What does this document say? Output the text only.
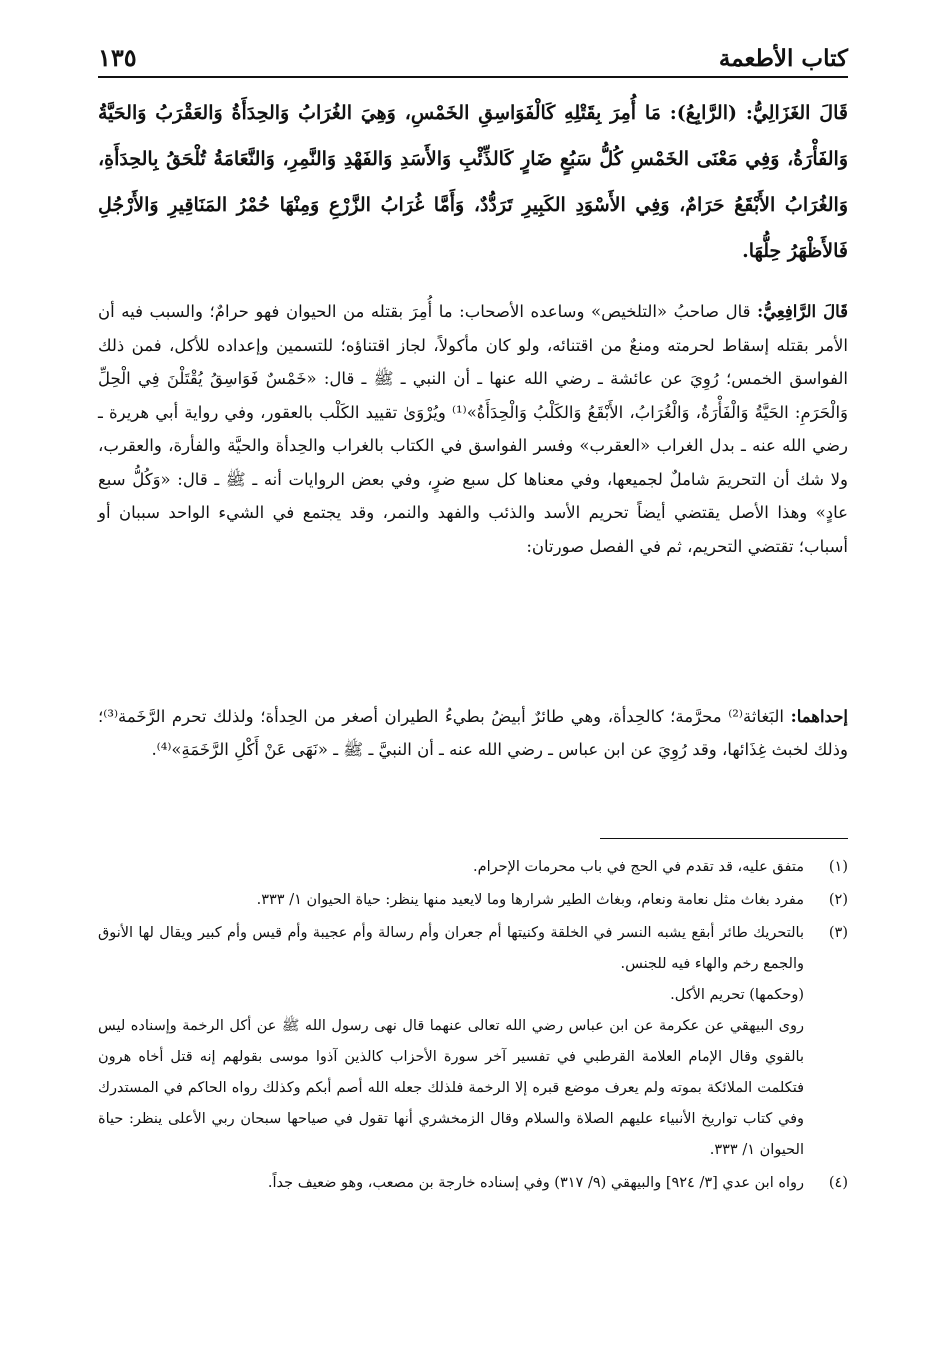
كتاب الأطعمة
١٣٥
قَالَ الغَزَالِيُّ: (الرَّابِعُ): مَا أُمِرَ بِقَتْلِهِ كَالْفَوَاسِقِ الخَمْسِ، وَهِيَ الغُرَابُ وَالحِدَأَةُ وَالعَقْرَبُ وَالحَيَّةُ وَالفَأْرَةُ، وَفِي مَعْنَى الخَمْسِ كُلُّ سَبُعٍ ضَارٍ كَالذِّئْبِ وَالأَسَدِ وَالفَهْدِ وَالنَّمِرِ، وَالنَّعَامَةُ تُلْحَقُ بِالحِدَأَةِ، وَالغُرَابُ الأَبْقَعُ حَرَامٌ، وَفِي الأَسْوَدِ الكَبِيرِ تَرَدُّدٌ، وَأَمَّا غُرَابُ الزَّرْعِ وَمِنْهَا حُمْرُ المَنَاقِيرِ وَالأَرْجُلِ فَالأَظْهَرُ حِلُّهَا.
قَالَ الرَّافِعِيُّ: قال صاحبُ «التلخيص» وساعده الأصحاب: ما أُمِرَ بقتله من الحيوان فهو حرامٌ؛ والسبب فيه أن الأمر بقتله إسقاط لحرمته ومنعٌ من اقتنائه، ولو كان مأكولاً، لجاز اقتناؤه؛ للتسمين وإعداده للأكل، فمن ذلك الفواسق الخمس؛ رُوِيَ عن عائشة ـ رضي الله عنها ـ أن النبي ـ ﷺ ـ قال: «خَمْسٌ فَوَاسِقُ يُقْتَلْنَ فِي الْحِلِّ وَالْحَرَمِ: الحَيَّةُ وَالْفَأْرَةُ، وَالْغُرَابُ، الأَبْقَعُ وَالكَلْبُ وَالْحِدَأَةُ»⁽¹⁾ ويُرْوَىٰ تقييد الكَلْب بالعقور، وفي رواية أبي هريرة ـ رضي الله عنه ـ بدل الغراب «العقرب» وفسر الفواسق في الكتاب بالغراب والحِدأة والحيَّة والفأرة، والعقرب، ولا شك أن التحريمَ شاملٌ لجميعها، وفي معناها كل سبع ضرٍ، وفي بعض الروايات أنه ـ ﷺ ـ قال: «وَكُلُّ سبع عادٍ» وهذا الأصل يقتضي أيضاً تحريم الأسد والذئب والفهد والنمر، وقد يجتمع في الشيء الواحد سببان أو أسباب؛ تقتضي التحريم، ثم في الفصل صورتان:
إحداهما: البَغاثة⁽²⁾ محرَّمة؛ كالحِدأة، وهي طائرٌ أبيضُ بطيءُ الطيران أصغر من الحِدأة؛ ولذلك تحرم الرَّخَمة⁽³⁾؛ وذلك لخبث غِذَائها، وقد رُوِيَ عن ابن عباس ـ رضي الله عنه ـ أن النبيَّ ـ ﷺ ـ «نَهَى عَنْ أَكْلِ الرَّخَمَةِ»⁽⁴⁾.
(١)

متفق عليه، قد تقدم في الحج في باب محرمات الإحرام.

(٢)

مفرد بغاث مثل نعامة ونعام، وبغاث الطير شرارها وما لايعيد منها ينظر: حياة الحيوان ١/ ٣٣٣.

(٣)

بالتحريك طائر أبقع يشبه النسر في الخلقة وكنيتها أم جعران وأم رسالة وأم عجيبة وأم قيس وأم كبير ويقال لها الأنوق والجمع رخم والهاء فيه للجنس.

(وحكمها) تحريم الأكل.

روى البيهقي عن عكرمة عن ابن عباس رضي الله تعالى عنهما قال نهى رسول الله ﷺ عن أكل الرخمة وإسناده ليس بالقوي وقال الإمام العلامة القرطبي في تفسير آخر سورة الأحزاب كالذين آذوا موسى بقولهم إنه قتل أخاه هرون فتكلمت الملائكة بموته ولم يعرف موضع قبره إلا الرخمة فلذلك جعله الله أصم أبكم وكذلك رواه الحاكم في المستدرك وفي كتاب تواريخ الأنبياء عليهم الصلاة والسلام وقال الزمخشري أنها تقول في صياحها سبحان ربي الأعلى ينظر: حياة الحيوان ١/ ٣٣٣.

(٤)

رواه ابن عدي [٣/ ٩٢٤] والبيهقي (٩/ ٣١٧) وفي إسناده خارجة بن مصعب، وهو ضعيف جداً.
